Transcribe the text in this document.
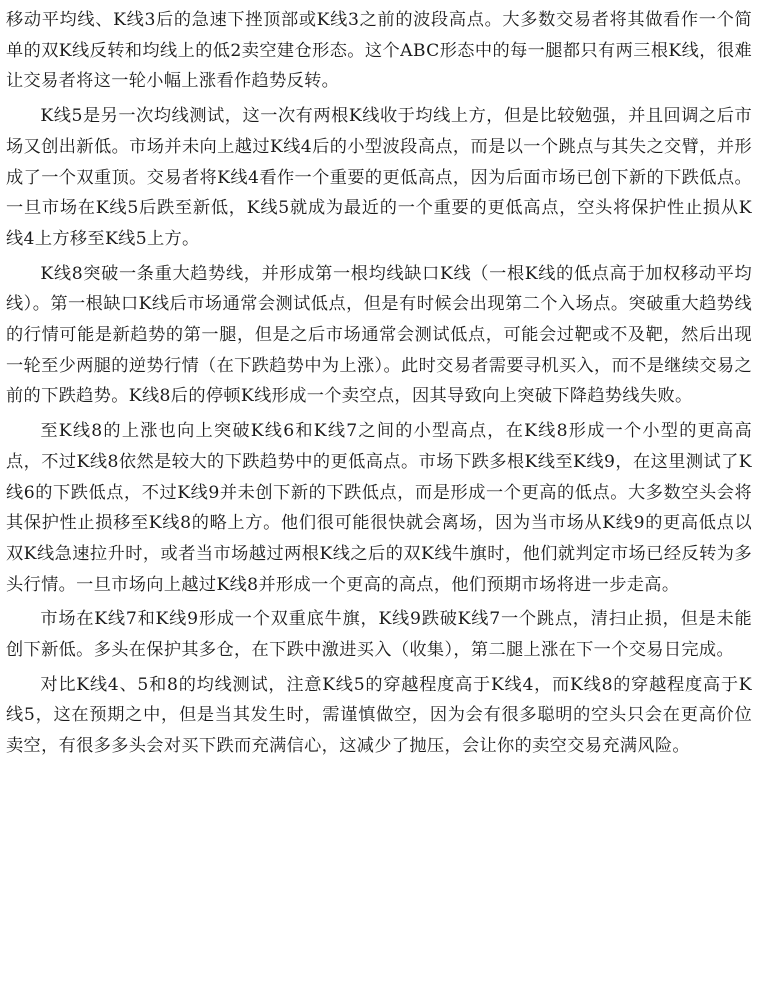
移动平均线、K线3后的急速下挫顶部或K线3之前的波段高点。大多数交易者将其做看作一个简单的双K线反转和均线上的低2卖空建仓形态。这个ABC形态中的每一腿都只有两三根K线，很难让交易者将这一轮小幅上涨看作趋势反转。

K线5是另一次均线测试，这一次有两根K线收于均线上方，但是比较勉强，并且回调之后市场又创出新低。市场并未向上越过K线4后的小型波段高点，而是以一个跳点与其失之交臂，并形成了一个双重顶。交易者将K线4看作一个重要的更低高点，因为后面市场已创下新的下跌低点。一旦市场在K线5后跌至新低，K线5就成为最近的一个重要的更低高点，空头将保护性止损从K线4上方移至K线5上方。

K线8突破一条重大趋势线，并形成第一根均线缺口K线（一根K线的低点高于加权移动平均线）。第一根缺口K线后市场通常会测试低点，但是有时候会出现第二个入场点。突破重大趋势线的行情可能是新趋势的第一腿，但是之后市场通常会测试低点，可能会过靶或不及靶，然后出现一轮至少两腿的逆势行情（在下跌趋势中为上涨）。此时交易者需要寻机买入，而不是继续交易之前的下跌趋势。K线8后的停顿K线形成一个卖空点，因其导致向上突破下降趋势线失败。

至K线8的上涨也向上突破K线6和K线7之间的小型高点，在K线8形成一个小型的更高高点，不过K线8依然是较大的下跌趋势中的更低高点。市场下跌多根K线至K线9，在这里测试了K线6的下跌低点，不过K线9并未创下新的下跌低点，而是形成一个更高的低点。大多数空头会将其保护性止损移至K线8的略上方。他们很可能很快就会离场，因为当市场从K线9的更高低点以双K线急速拉升时，或者当市场越过两根K线之后的双K线牛旗时，他们就判定市场已经反转为多头行情。一旦市场向上越过K线8并形成一个更高的高点，他们预期市场将进一步走高。

市场在K线7和K线9形成一个双重底牛旗，K线9跌破K线7一个跳点，清扫止损，但是未能创下新低。多头在保护其多仓，在下跌中激进买入（收集），第二腿上涨在下一个交易日完成。

对比K线4、5和8的均线测试，注意K线5的穿越程度高于K线4，而K线8的穿越程度高于K线5，这在预期之中，但是当其发生时，需谨慎做空，因为会有很多聪明的空头只会在更高价位卖空，有很多多头会对买下跌而充满信心，这减少了抛压，会让你的卖空交易充满风险。
